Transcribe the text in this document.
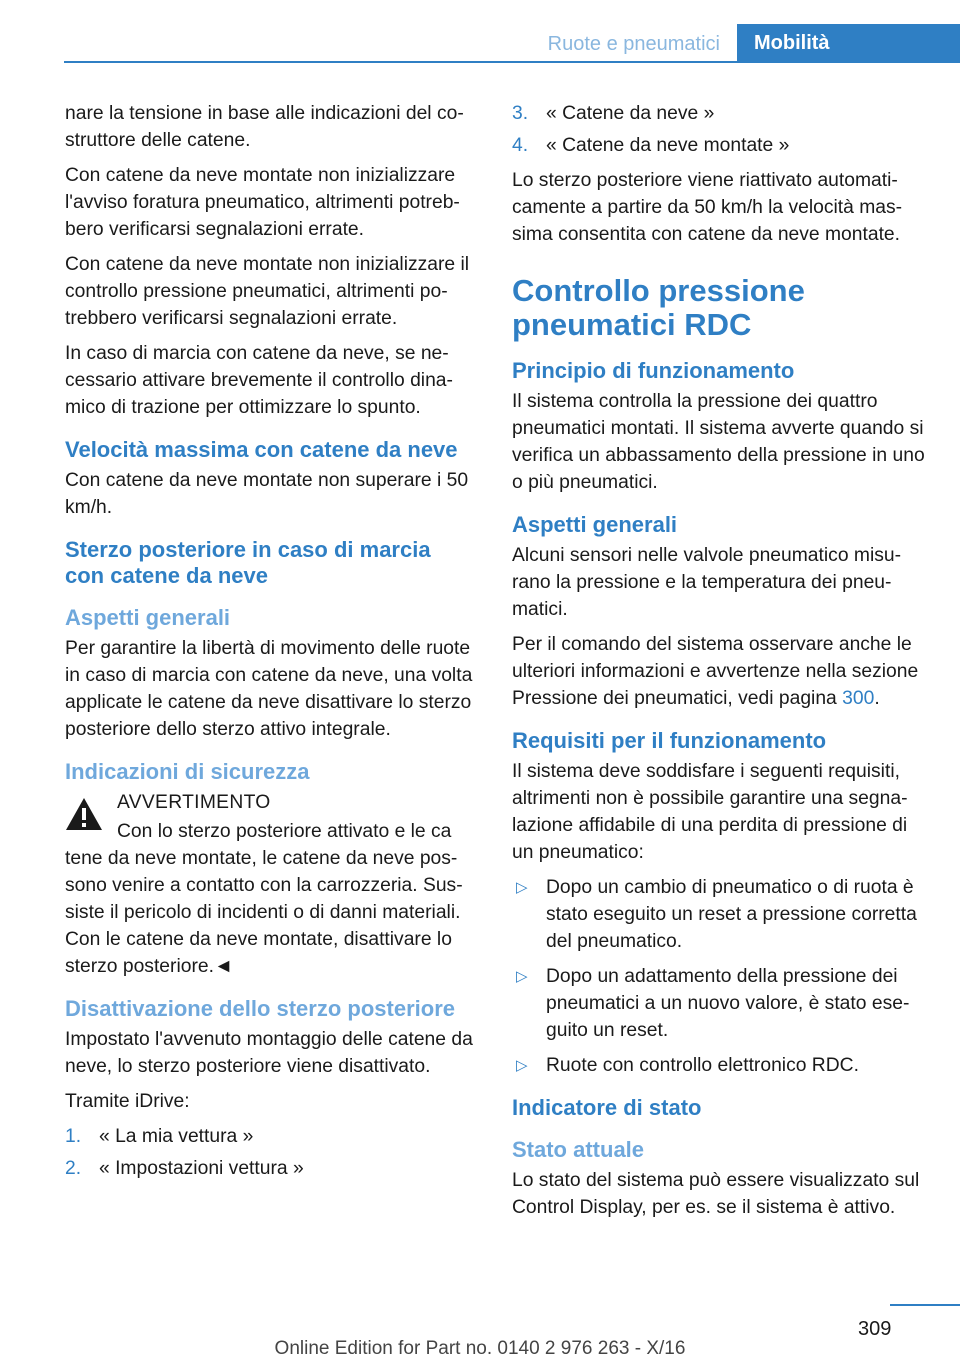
Ruote e pneumatici	Mobilità

nare la tensione in base alle indicazioni del costruttore delle catene.

Con catene da neve montate non inizializzare l'avviso foratura pneumatico, altrimenti potrebbero verificarsi segnalazioni errate.

Con catene da neve montate non inizializzare il controllo pressione pneumatici, altrimenti potrebbero verificarsi segnalazioni errate.

In caso di marcia con catene da neve, se necessario attivare brevemente il controllo dinamico di trazione per ottimizzare lo spunto.

Velocità massima con catene da neve

Con catene da neve montate non superare i 50 km/h.

Sterzo posteriore in caso di marcia con catene da neve
Aspetti generali

Per garantire la libertà di movimento delle ruote in caso di marcia con catene da neve, una volta applicate le catene da neve disattivare lo sterzo posteriore dello sterzo attivo integrale.

Indicazioni di sicurezza
AVVERTIMENTO
Con lo sterzo posteriore attivato e le ca

tene da neve montate, le catene da neve possono venire a contatto con la carrozzeria. Sussiste il pericolo di incidenti o di danni materiali. Con le catene da neve montate, disattivare lo sterzo posteriore.◄

Disattivazione dello sterzo posteriore

Impostato l'avvenuto montaggio delle catene da neve, lo sterzo posteriore viene disattivato.

Tramite iDrive:

1. « La mia vettura »
2. « Impostazioni vettura »
3. « Catene da neve »
4. « Catene da neve montate »

Lo sterzo posteriore viene riattivato automaticamente a partire da 50 km/h la velocità massima consentita con catene da neve montate.

Controllo pressione pneumatici RDC
Principio di funzionamento

Il sistema controlla la pressione dei quattro pneumatici montati. Il sistema avverte quando si verifica un abbassamento della pressione in uno o più pneumatici.

Aspetti generali

Alcuni sensori nelle valvole pneumatico misurano la pressione e la temperatura dei pneumatici.

Per il comando del sistema osservare anche le ulteriori informazioni e avvertenze nella sezione Pressione dei pneumatici, vedi pagina 300.

Requisiti per il funzionamento

Il sistema deve soddisfare i seguenti requisiti, altrimenti non è possibile garantire una segnalazione affidabile di una perdita di pressione di un pneumatico:

▷ Dopo un cambio di pneumatico o di ruota è stato eseguito un reset a pressione corretta del pneumatico.
▷ Dopo un adattamento della pressione dei pneumatici a un nuovo valore, è stato eseguito un reset.
▷ Ruote con controllo elettronico RDC.
Indicatore di stato
Stato attuale

Lo stato del sistema può essere visualizzato sul Control Display, per es. se il sistema è attivo.

309
Online Edition for Part no. 0140 2 976 263 - X/16
